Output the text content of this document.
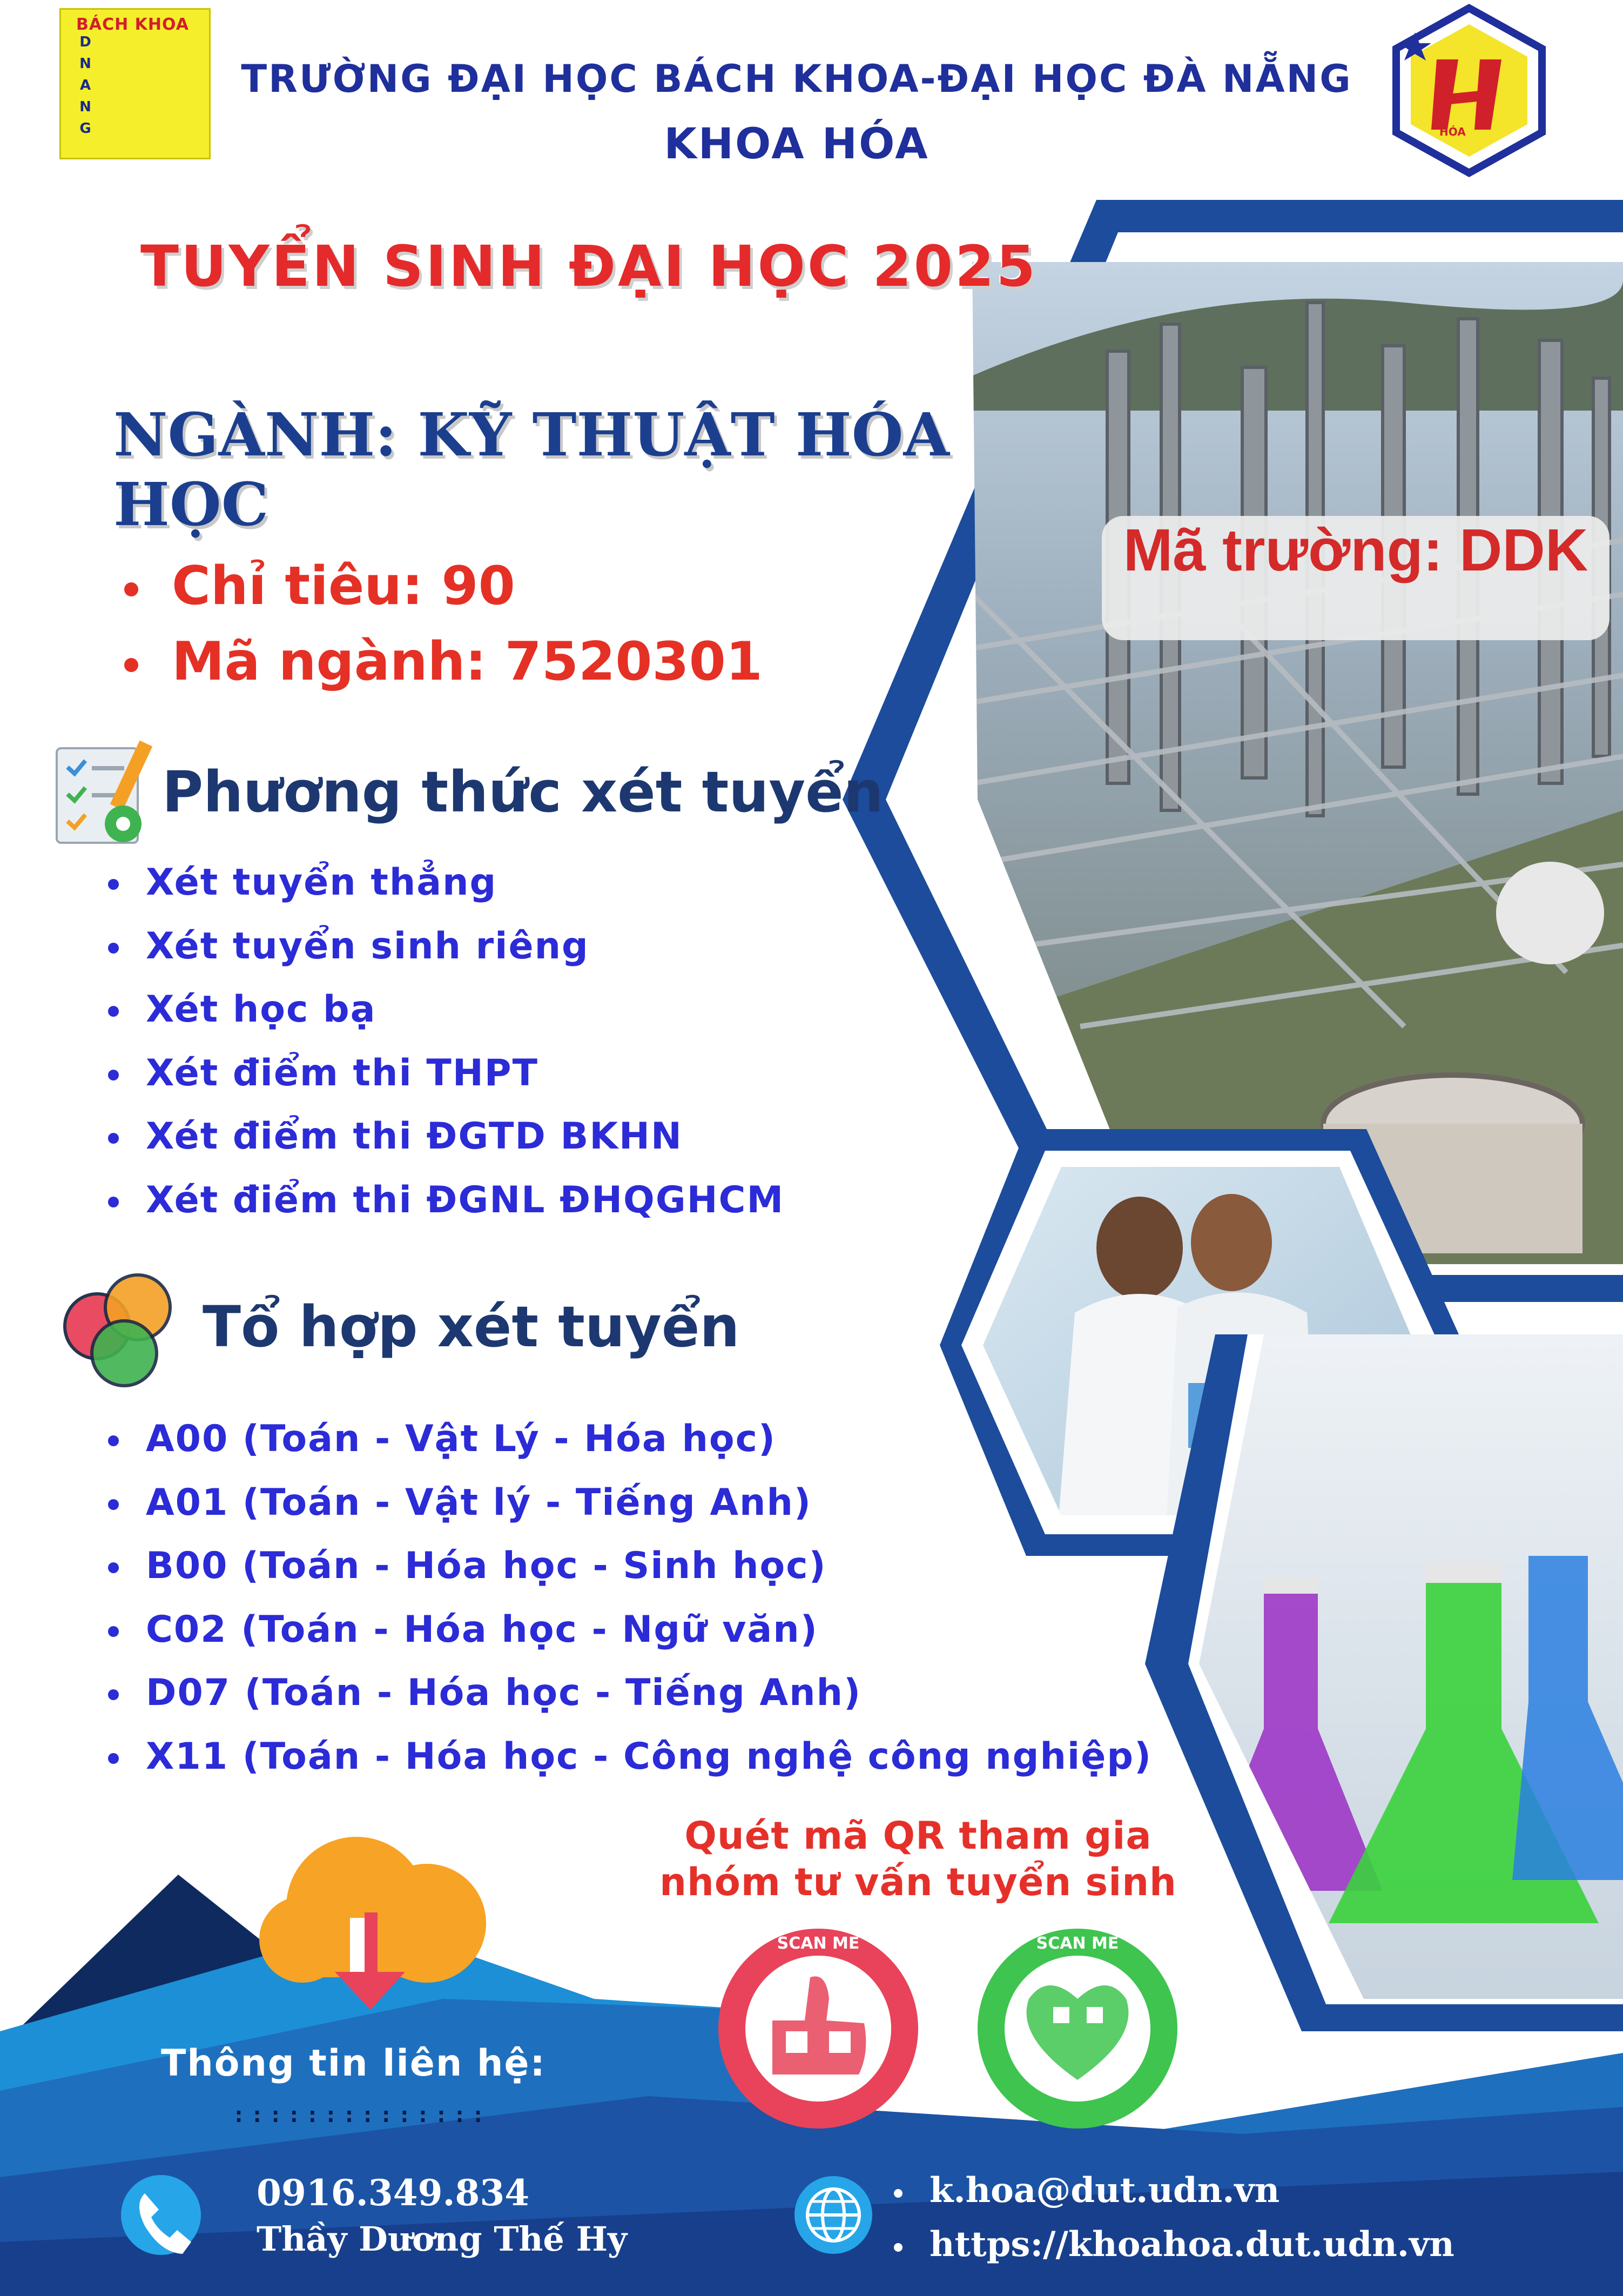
BÁCH KHOA
D
N
A
N
G	HÓA
TRƯỜNG ĐẠI HỌC BÁCH KHOA-ĐẠI HỌC ĐÀ NẴNG
KHOA HÓA
TUYỂN SINH ĐẠI HỌC 2025
NGÀNH: KỸ THUẬT HÓA HỌC
Chỉ tiêu: 90
Mã ngành: 7520301
Mã trường: DDK
Phương thức xét tuyển
Xét tuyển thẳng
Xét tuyển sinh riêng
Xét học bạ
Xét điểm thi THPT
Xét điểm thi ĐGTD BKHN
Xét điểm thi ĐGNL ĐHQGHCM
Tổ hợp xét tuyển
A00 (Toán - Vật Lý - Hóa học)
A01 (Toán - Vật lý - Tiếng Anh)
B00 (Toán - Hóa học - Sinh học)
C02 (Toán - Hóa học - Ngữ văn)
D07 (Toán - Hóa học - Tiếng Anh)
X11 (Toán - Hóa học - Công nghệ công nghiệp)
Quét mã QR tham gia
nhóm tư vấn tuyển sinh
SCAN ME	SCAN ME
Thông tin liên hệ:
::::::::::::::
0916.349.834
Thầy Dương Thế Hy
k.hoa@dut.udn.vn
https://khoahoa.dut.udn.vn
